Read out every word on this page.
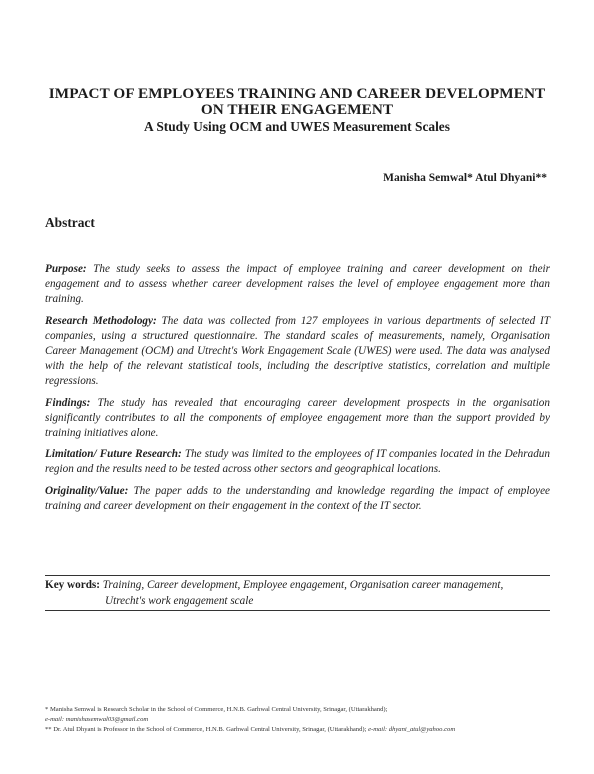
IMPACT OF EMPLOYEES TRAINING AND CAREER DEVELOPMENT
ON THEIR ENGAGEMENT
A Study Using OCM and UWES Measurement Scales
Manisha Semwal* Atul Dhyani**
Abstract

Purpose: The study seeks to assess the impact of employee training and career development on their engagement and to assess whether career development raises the level of employee engagement more than training.

Research Methodology: The data was collected from 127 employees in various departments of selected IT companies, using a structured questionnaire. The standard scales of measurements, namely, Organisation Career Management (OCM) and Utrecht's Work Engagement Scale (UWES) were used. The data was analysed with the help of the relevant statistical tools, including the descriptive statistics, correlation and multiple regressions.

Findings: The study has revealed that encouraging career development prospects in the organisation significantly contributes to all the components of employee engagement more than the support provided by training initiatives alone.

Limitation/ Future Research: The study was limited to the employees of IT companies located in the Dehradun region and the results need to be tested across other sectors and geographical locations.

Originality/Value: The paper adds to the understanding and knowledge regarding the impact of employee training and career development on their engagement in the context of the IT sector.

Key words: Training, Career development, Employee engagement, Organisation career management,
Utrecht's work engagement scale
* Manisha Semwal is Research Scholar in the School of Commerce, H.N.B. Garhwal Central University, Srinagar, (Uttarakhand);
e-mail: manishasemwal03@gmail.com
** Dr. Atul Dhyani is Professor in the School of Commerce, H.N.B. Garhwal Central University, Srinagar, (Uttarakhand); e-mail: dhyani_atul@yahoo.com
